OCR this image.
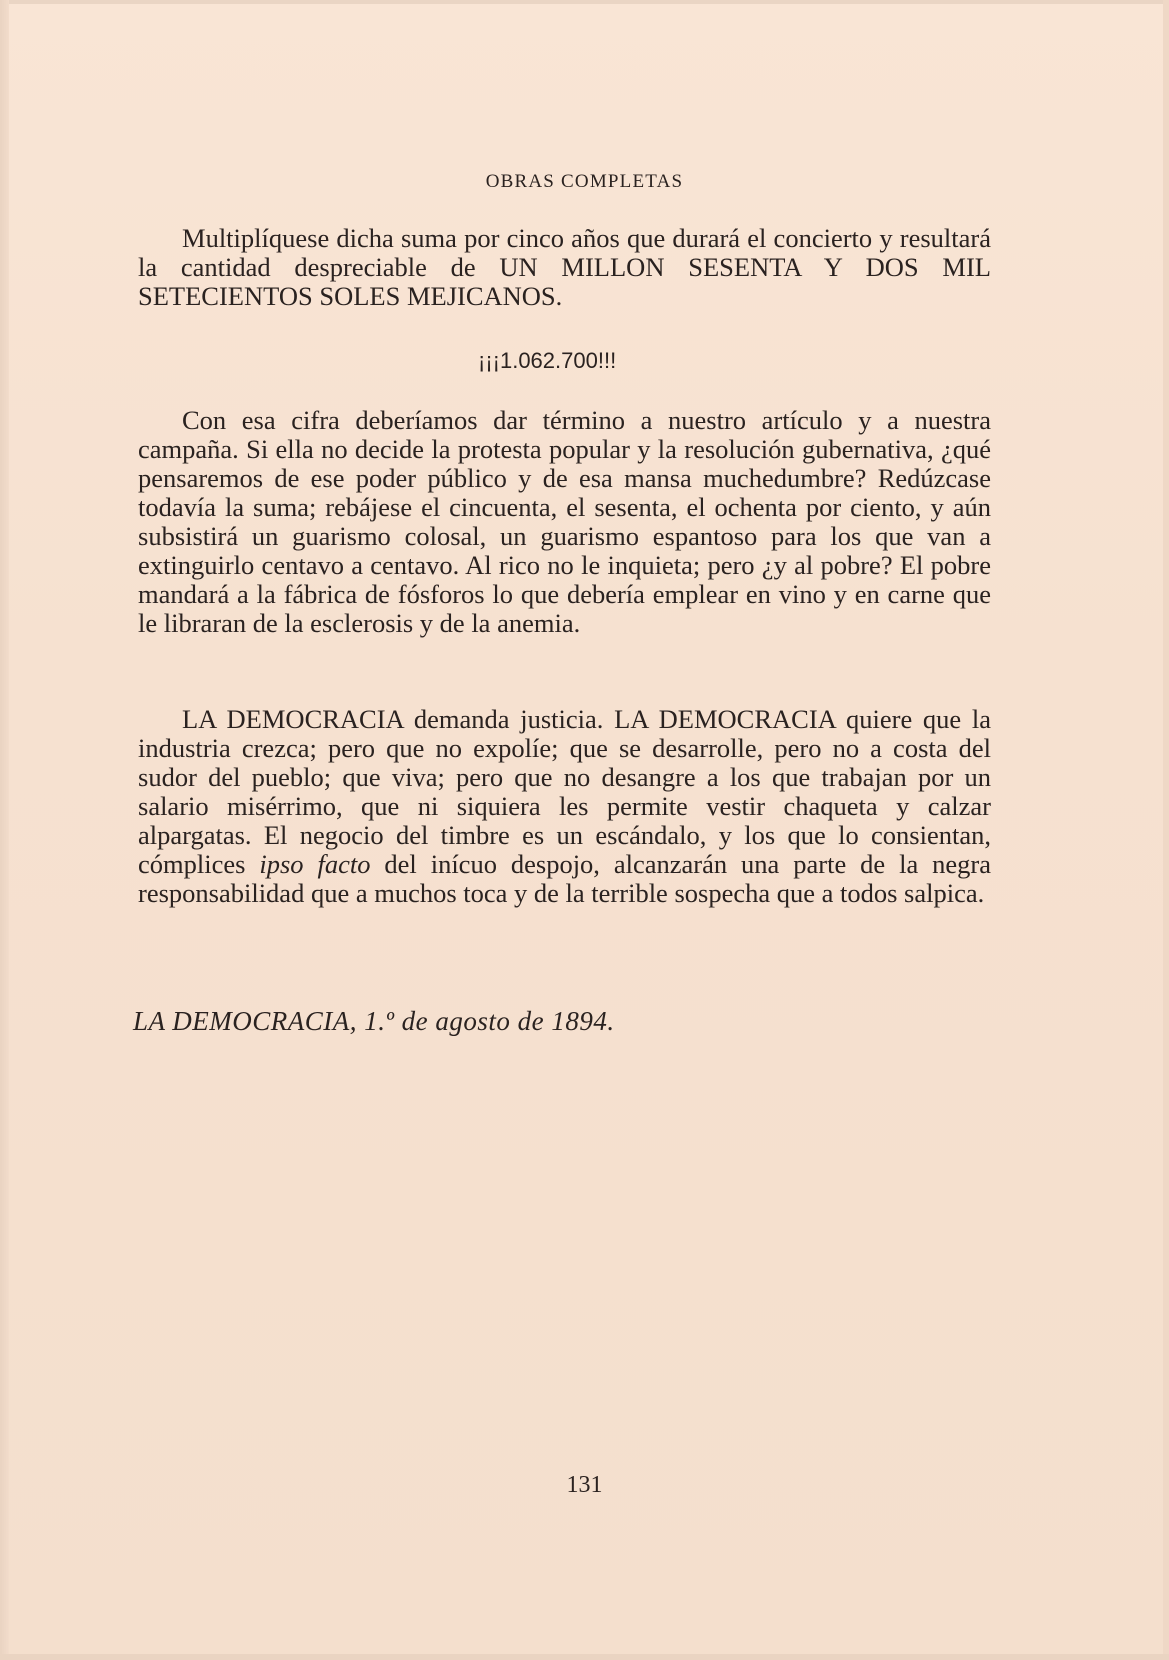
OBRAS COMPLETAS

Multiplíquese dicha suma por cinco años que durará el concierto y resultará la cantidad despreciable de UN MILLON SESENTA Y DOS MIL SETECIENTOS SOLES MEJICANOS.

¡¡¡1.062.700!!!

Con esa cifra deberíamos dar término a nuestro artículo y a nuestra campaña. Si ella no decide la protesta popular y la resolución gubernativa, ¿qué pensaremos de ese poder público y de esa mansa muchedumbre? Redúzcase todavía la suma; rebájese el cincuenta, el sesenta, el ochenta por ciento, y aún subsistirá un guarismo colosal, un guarismo espantoso para los que van a extinguirlo centavo a centavo. Al rico no le inquieta; pero ¿y al pobre? El pobre mandará a la fábrica de fósforos lo que debería emplear en vino y en carne que le libraran de la esclerosis y de la anemia.

LA DEMOCRACIA demanda justicia. LA DEMOCRACIA quiere que la industria crezca; pero que no expolíe; que se desarrolle, pero no a costa del sudor del pueblo; que viva; pero que no desangre a los que trabajan por un salario misérrimo, que ni siquiera les permite vestir chaqueta y calzar alpargatas. El negocio del timbre es un escándalo, y los que lo consientan, cómplices ipso facto del inícuo despojo, alcanzarán una parte de la negra responsabilidad que a muchos toca y de la terrible sospecha que a todos salpica.

LA DEMOCRACIA, 1.º de agosto de 1894.
131
